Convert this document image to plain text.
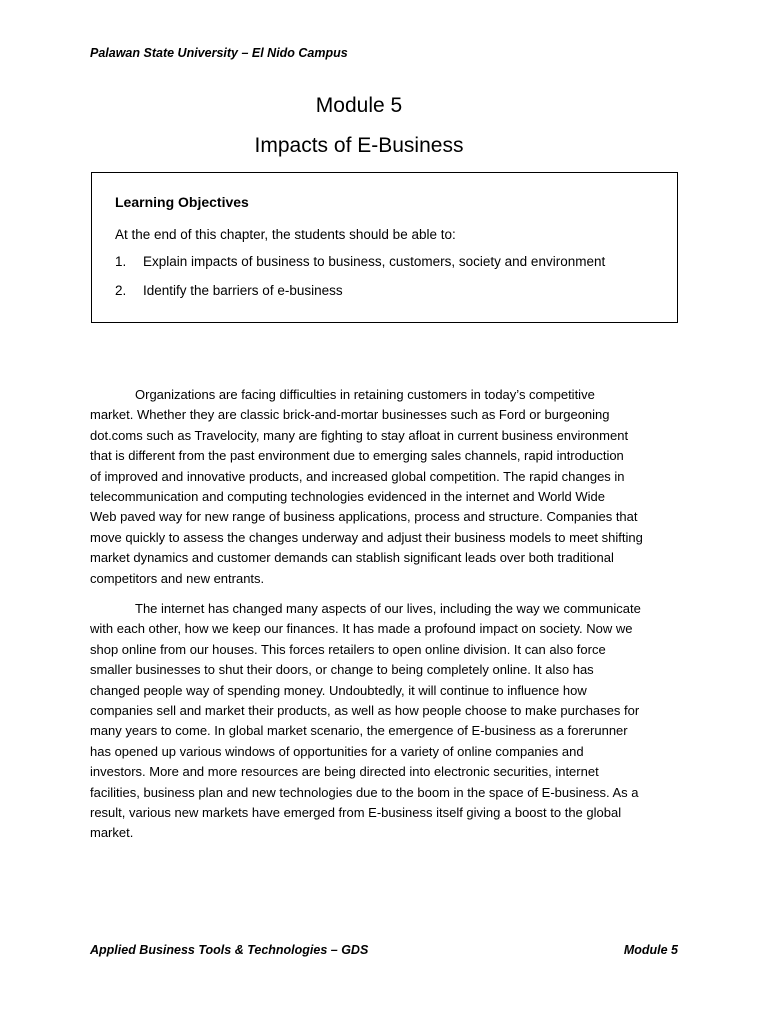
Palawan State University – El Nido Campus
Module 5
Impacts of E-Business
Learning Objectives
At the end of this chapter, the students should be able to:
1. Explain impacts of business to business, customers, society and environment
2. Identify the barriers of e-business

Organizations are facing difficulties in retaining customers in today’s competitive
market. Whether they are classic brick-and-mortar businesses such as Ford or burgeoning
dot.coms such as Travelocity, many are fighting to stay afloat in current business environment
that is different from the past environment due to emerging sales channels, rapid introduction
of improved and innovative products, and increased global competition. The rapid changes in
telecommunication and computing technologies evidenced in the internet and World Wide
Web paved way for new range of business applications, process and structure. Companies that
move quickly to assess the changes underway and adjust their business models to meet shifting
market dynamics and customer demands can stablish significant leads over both traditional
competitors and new entrants.

The internet has changed many aspects of our lives, including the way we communicate
with each other, how we keep our finances. It has made a profound impact on society. Now we
shop online from our houses. This forces retailers to open online division. It can also force
smaller businesses to shut their doors, or change to being completely online. It also has
changed people way of spending money. Undoubtedly, it will continue to influence how
companies sell and market their products, as well as how people choose to make purchases for
many years to come. In global market scenario, the emergence of E-business as a forerunner
has opened up various windows of opportunities for a variety of online companies and
investors. More and more resources are being directed into electronic securities, internet
facilities, business plan and new technologies due to the boom in the space of E-business. As a
result, various new markets have emerged from E-business itself giving a boost to the global
market.

Applied Business Tools & Technologies – GDS	Module 5
